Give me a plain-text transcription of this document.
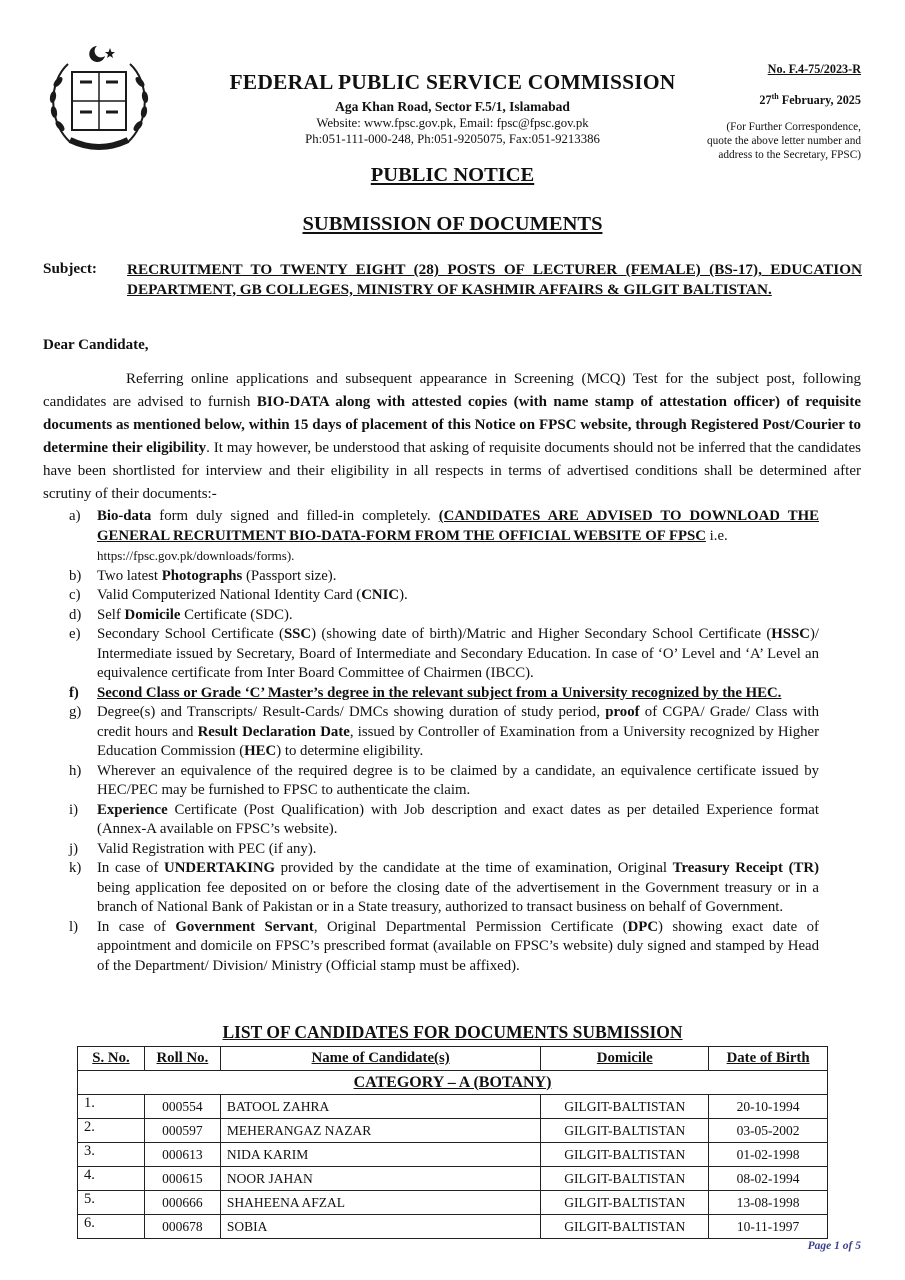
FEDERAL PUBLIC SERVICE COMMISSION
Aga Khan Road, Sector F.5/1, Islamabad
Website: www.fpsc.gov.pk, Email: fpsc@fpsc.gov.pk
Ph:051-111-000-248, Ph:051-9205075, Fax:051-9213386
No. F.4-75/2023-R
27th February, 2025
(For Further Correspondence,
quote the above letter number and
address to the Secretary, FPSC)
PUBLIC NOTICE
SUBMISSION OF DOCUMENTS
Subject: RECRUITMENT TO TWENTY EIGHT (28) POSTS OF LECTURER (FEMALE) (BS-17), EDUCATION DEPARTMENT, GB COLLEGES, MINISTRY OF KASHMIR AFFAIRS & GILGIT BALTISTAN.
Dear Candidate,
Referring online applications and subsequent appearance in Screening (MCQ) Test for the subject post, following candidates are advised to furnish BIO-DATA along with attested copies (with name stamp of attestation officer) of requisite documents as mentioned below, within 15 days of placement of this Notice on FPSC website, through Registered Post/Courier to determine their eligibility. It may however, be understood that asking of requisite documents should not be inferred that the candidates have been shortlisted for interview and their eligibility in all respects in terms of advertised conditions shall be determined after scrutiny of their documents:-
a) Bio-data form duly signed and filled-in completely. (CANDIDATES ARE ADVISED TO DOWNLOAD THE GENERAL RECRUITMENT BIO-DATA-FORM FROM THE OFFICIAL WEBSITE OF FPSC i.e.
https://fpsc.gov.pk/downloads/forms).
b) Two latest Photographs (Passport size).
c) Valid Computerized National Identity Card (CNIC).
d) Self Domicile Certificate (SDC).
e) Secondary School Certificate (SSC) (showing date of birth)/Matric and Higher Secondary School Certificate (HSSC)/ Intermediate issued by Secretary, Board of Intermediate and Secondary Education. In case of ‘O’ Level and ‘A’ Level an equivalence certificate from Inter Board Committee of Chairmen (IBCC).
f) Second Class or Grade ‘C’ Master’s degree in the relevant subject from a University recognized by the HEC.
g) Degree(s) and Transcripts/ Result-Cards/ DMCs showing duration of study period, proof of CGPA/ Grade/ Class with credit hours and Result Declaration Date, issued by Controller of Examination from a University recognized by Higher Education Commission (HEC) to determine eligibility.
h) Wherever an equivalence of the required degree is to be claimed by a candidate, an equivalence certificate issued by HEC/PEC may be furnished to FPSC to authenticate the claim.
i) Experience Certificate (Post Qualification) with Job description and exact dates as per detailed Experience format (Annex-A available on FPSC’s website).
j) Valid Registration with PEC (if any).
k) In case of UNDERTAKING provided by the candidate at the time of examination, Original Treasury Receipt (TR) being application fee deposited on or before the closing date of the advertisement in the Government treasury or in a branch of National Bank of Pakistan or in a State treasury, authorized to transact business on behalf of Government.
l) In case of Government Servant, Original Departmental Permission Certificate (DPC) showing exact date of appointment and domicile on FPSC’s prescribed format (available on FPSC’s website) duly signed and stamped by Head of the Department/ Division/ Ministry (Official stamp must be affixed).
LIST OF CANDIDATES FOR DOCUMENTS SUBMISSION
S. No.	Roll No.	Name of Candidate(s)	Domicile	Date of Birth
CATEGORY – A (BOTANY)				
1.	000554	BATOOL ZAHRA	GILGIT-BALTISTAN	20-10-1994
2.	000597	MEHERANGAZ NAZAR	GILGIT-BALTISTAN	03-05-2002
3.	000613	NIDA KARIM	GILGIT-BALTISTAN	01-02-1998
4.	000615	NOOR JAHAN	GILGIT-BALTISTAN	08-02-1994
5.	000666	SHAHEENA AFZAL	GILGIT-BALTISTAN	13-08-1998
6.	000678	SOBIA	GILGIT-BALTISTAN	10-11-1997
Page 1 of 5
